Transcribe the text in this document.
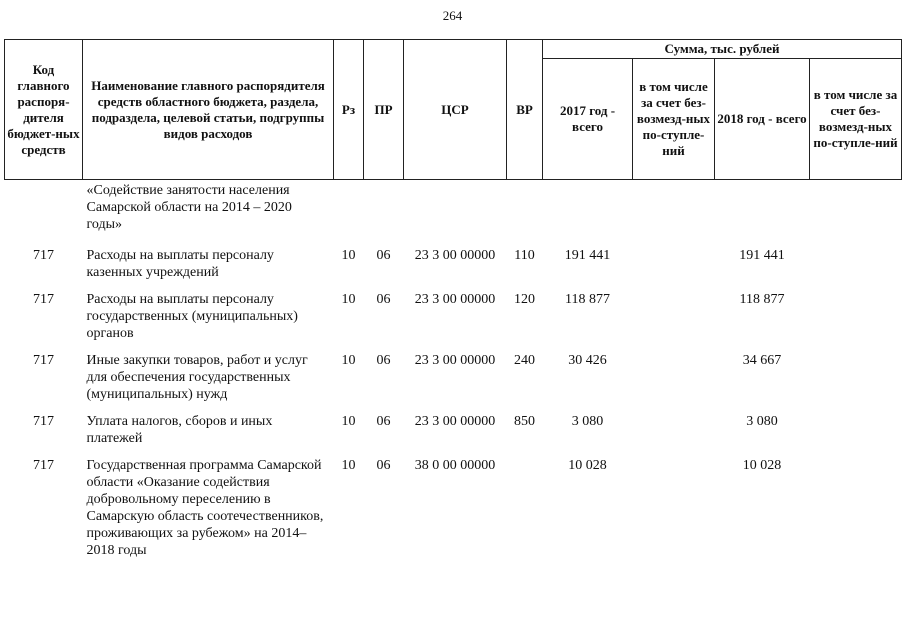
264
Код главного распоря-дителя бюджет-ных средств	Наименование главного распорядителя средств областного бюджета, раздела, подраздела, целевой статьи, подгруппы видов расходов	Рз	ПР	ЦСР	ВР	Сумма, тыс. рублей			
						2017 год - всего	в том числе за счет без-возмезд-ных по-ступле-ний	2018 год - всего	в том числе за счет без-возмезд-ных по-ступле-ний
	«Содействие занятости населения Самарской области на 2014 – 2020 годы»								
717	Расходы на выплаты персоналу казенных учреждений	10	06	23 3 00 00000	110	191 441		191 441	
717	Расходы на выплаты персоналу государственных (муниципальных) органов	10	06	23 3 00 00000	120	118 877		118 877	
717	Иные закупки товаров, работ и услуг для обеспечения государственных (муниципальных) нужд	10	06	23 3 00 00000	240	30 426		34 667	
717	Уплата налогов, сборов и иных платежей	10	06	23 3 00 00000	850	3 080		3 080	
717	Государственная программа Самарской области «Оказание содействия добровольному переселению в Самарскую область соотечественников, проживающих за рубежом» на 2014–2018 годы	10	06	38 0 00 00000		10 028		10 028	
